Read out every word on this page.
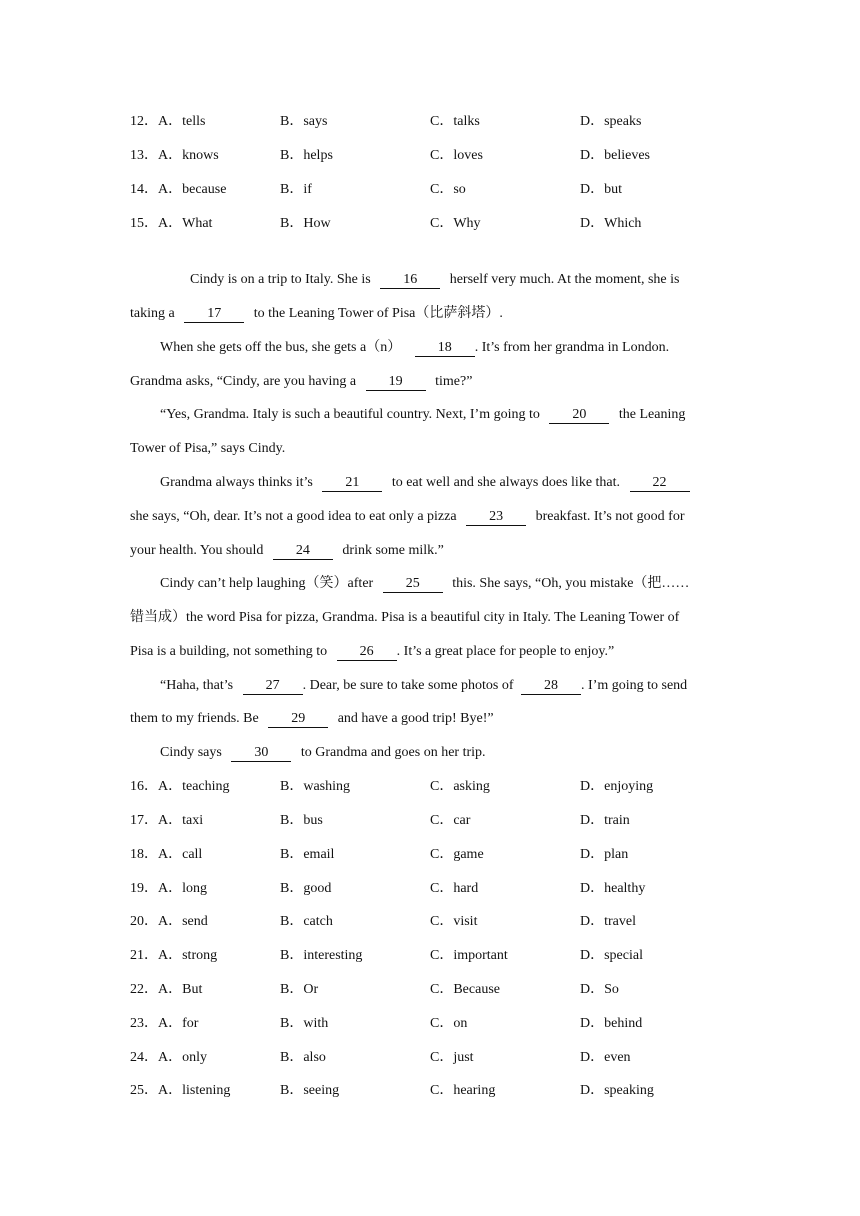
12．A．tells	B．says	C．talks	D．speaks
13．A．knows	B．helps	C．loves	D．believes
14．A．because	B．if	C．so	D．but
15．A．What	B．How	C．Why	D．Which
Cindy is on a trip to Italy. She is 16 herself very much. At the moment, she is
taking a 17 to the Leaning Tower of Pisa（比萨斜塔）.
When she gets off the bus, she gets a（n）	18 . It’s from her grandma in London.
Grandma asks, “Cindy, are you having a 19 time?”
“Yes, Grandma. Italy is such a beautiful country. Next, I’m going to 20 the Leaning
Tower of Pisa,” says Cindy.
Grandma always thinks it’s 21 to eat well and she always does like that. 22
she says, “Oh, dear. It’s not a good idea to eat only a pizza 23 breakfast. It’s not good for
your health. You should 24 drink some milk.”
Cindy can’t help laughing（笑）after 25 this. She says, “Oh, you mistake（把……
错当成）the word Pisa for pizza, Grandma. Pisa is a beautiful city in Italy. The Leaning Tower of
Pisa is a building, not something to 26 . It’s a great place for people to enjoy.”
“Haha, that’s 27 . Dear, be sure to take some photos of 28 . I’m going to send
them to my friends. Be 29 and have a good trip! Bye!”
Cindy says 30 to Grandma and goes on her trip.
16．A．teaching	B．washing	C．asking	D．enjoying
17．A．taxi	B．bus	C．car	D．train
18．A．call	B．email	C．game	D．plan
19．A．long	B．good	C．hard	D．healthy
20．A．send	B．catch	C．visit	D．travel
21．A．strong	B．interesting	C．important	D．special
22．A．But	B．Or	C．Because	D．So
23．A．for	B．with	C．on	D．behind
24．A．only	B．also	C．just	D．even
25．A．listening	B．seeing	C．hearing	D．speaking
